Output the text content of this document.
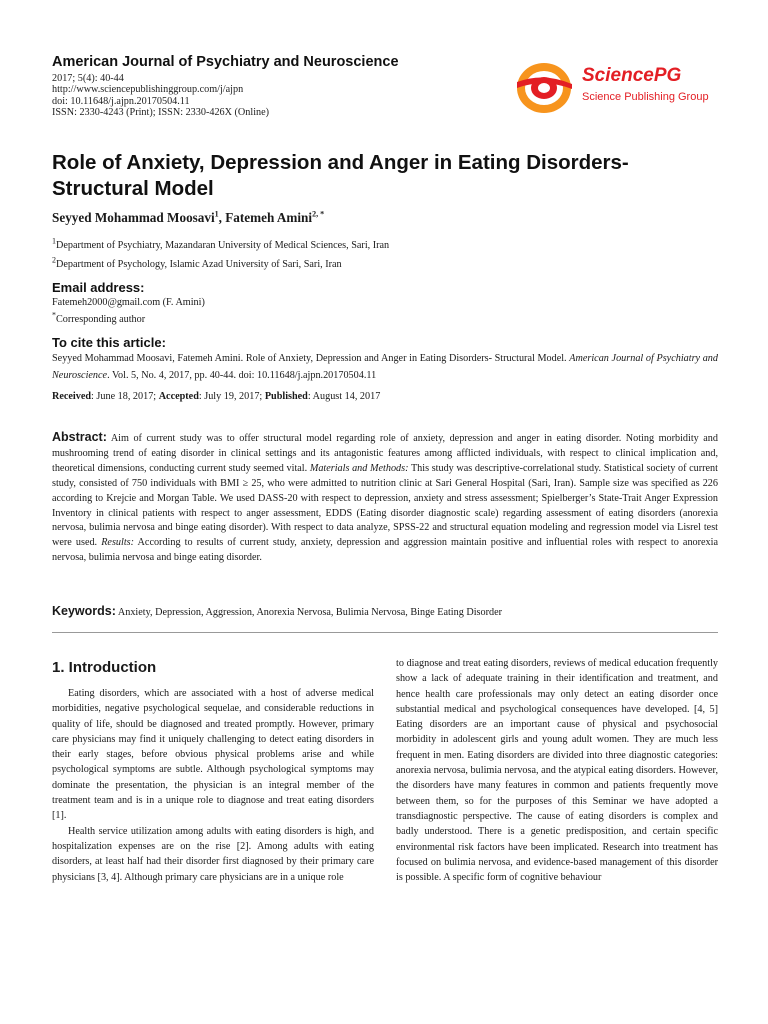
American Journal of Psychiatry and Neuroscience
2017; 5(4): 40-44
http://www.sciencepublishinggroup.com/j/ajpn
doi: 10.11648/j.ajpn.20170504.11
ISSN: 2330-4243 (Print); ISSN: 2330-426X (Online)
SciencePG
Science Publishing Group
Role of Anxiety, Depression and Anger in Eating Disorders-
Structural Model
Seyyed Mohammad Moosavi$^1$, Fatemeh Amini$^{2, *}$
$^1$Department of Psychiatry, Mazandaran University of Medical Sciences, Sari, Iran
$^2$Department of Psychology, Islamic Azad University of Sari, Sari, Iran
Email address:
Fatemeh2000@gmail.com (F. Amini)
*Corresponding author
To cite this article:
Seyyed Mohammad Moosavi, Fatemeh Amini. Role of Anxiety, Depression and Anger in Eating Disorders- Structural Model. American Journal of Psychiatry and Neuroscience. Vol. 5, No. 4, 2017, pp. 40-44. doi: 10.11648/j.ajpn.20170504.11
Received: June 18, 2017; Accepted: July 19, 2017; Published: August 14, 2017
Abstract: Aim of current study was to offer structural model regarding role of anxiety, depression and anger in eating disorder. Noting morbidity and mushrooming trend of eating disorder in clinical settings and its antagonistic features among afflicted individuals, with respect to clinical implication and, theoretical dimensions, conducting current study seemed vital. Materials and Methods: This study was descriptive-correlational study. Statistical society of current study, consisted of 750 individuals with BMI ≥ 25, who were admitted to nutrition clinic at Sari General Hospital (Sari, Iran). Sample size was specified as 226 according to Krejcie and Morgan Table. We used DASS-20 with respect to depression, anxiety and stress assessment; Spielberger’s State-Trait Anger Expression Inventory in clinical patients with respect to anger assessment, EDDS (Eating disorder diagnostic scale) regarding assessment of eating disorders (anorexia nervosa, bulimia nervosa and binge eating disorder). With respect to data analyze, SPSS-22 and structural equation modeling and regression model via Lisrel test were used. Results: According to results of current study, anxiety, depression and aggression maintain positive and influential roles with respect to anorexia nervosa, bulimia nervosa and binge eating disorder.
Keywords: Anxiety, Depression, Aggression, Anorexia Nervosa, Bulimia Nervosa, Binge Eating Disorder
1. Introduction

Eating disorders, which are associated with a host of adverse medical morbidities, negative psychological sequelae, and considerable reductions in quality of life, should be diagnosed and treated promptly. However, primary care physicians may find it uniquely challenging to detect eating disorders in their early stages, before obvious physical problems arise and while psychological symptoms are subtle. Although psychological symptoms may dominate the presentation, the physician is an integral member of the treatment team and is in a unique role to diagnose and treat eating disorders [1].

Health service utilization among adults with eating disorders is high, and hospitalization expenses are on the rise [2]. Among adults with eating disorders, at least half had their disorder first diagnosed by their primary care physicians [3, 4]. Although primary care physicians are in a unique role

to diagnose and treat eating disorders, reviews of medical education frequently show a lack of adequate training in their identification and treatment, and hence health care professionals may only detect an eating disorder once substantial medical and psychological consequences have developed. [4, 5] Eating disorders are an important cause of physical and psychosocial morbidity in adolescent girls and young adult women. They are much less frequent in men. Eating disorders are divided into three diagnostic categories: anorexia nervosa, bulimia nervosa, and the atypical eating disorders. However, the disorders have many features in common and patients frequently move between them, so for the purposes of this Seminar we have adopted a transdiagnostic perspective. The cause of eating disorders is complex and badly understood. There is a genetic predisposition, and certain specific environmental risk factors have been implicated. Research into treatment has focused on bulimia nervosa, and evidence-based management of this disorder is possible. A specific form of cognitive behaviour
